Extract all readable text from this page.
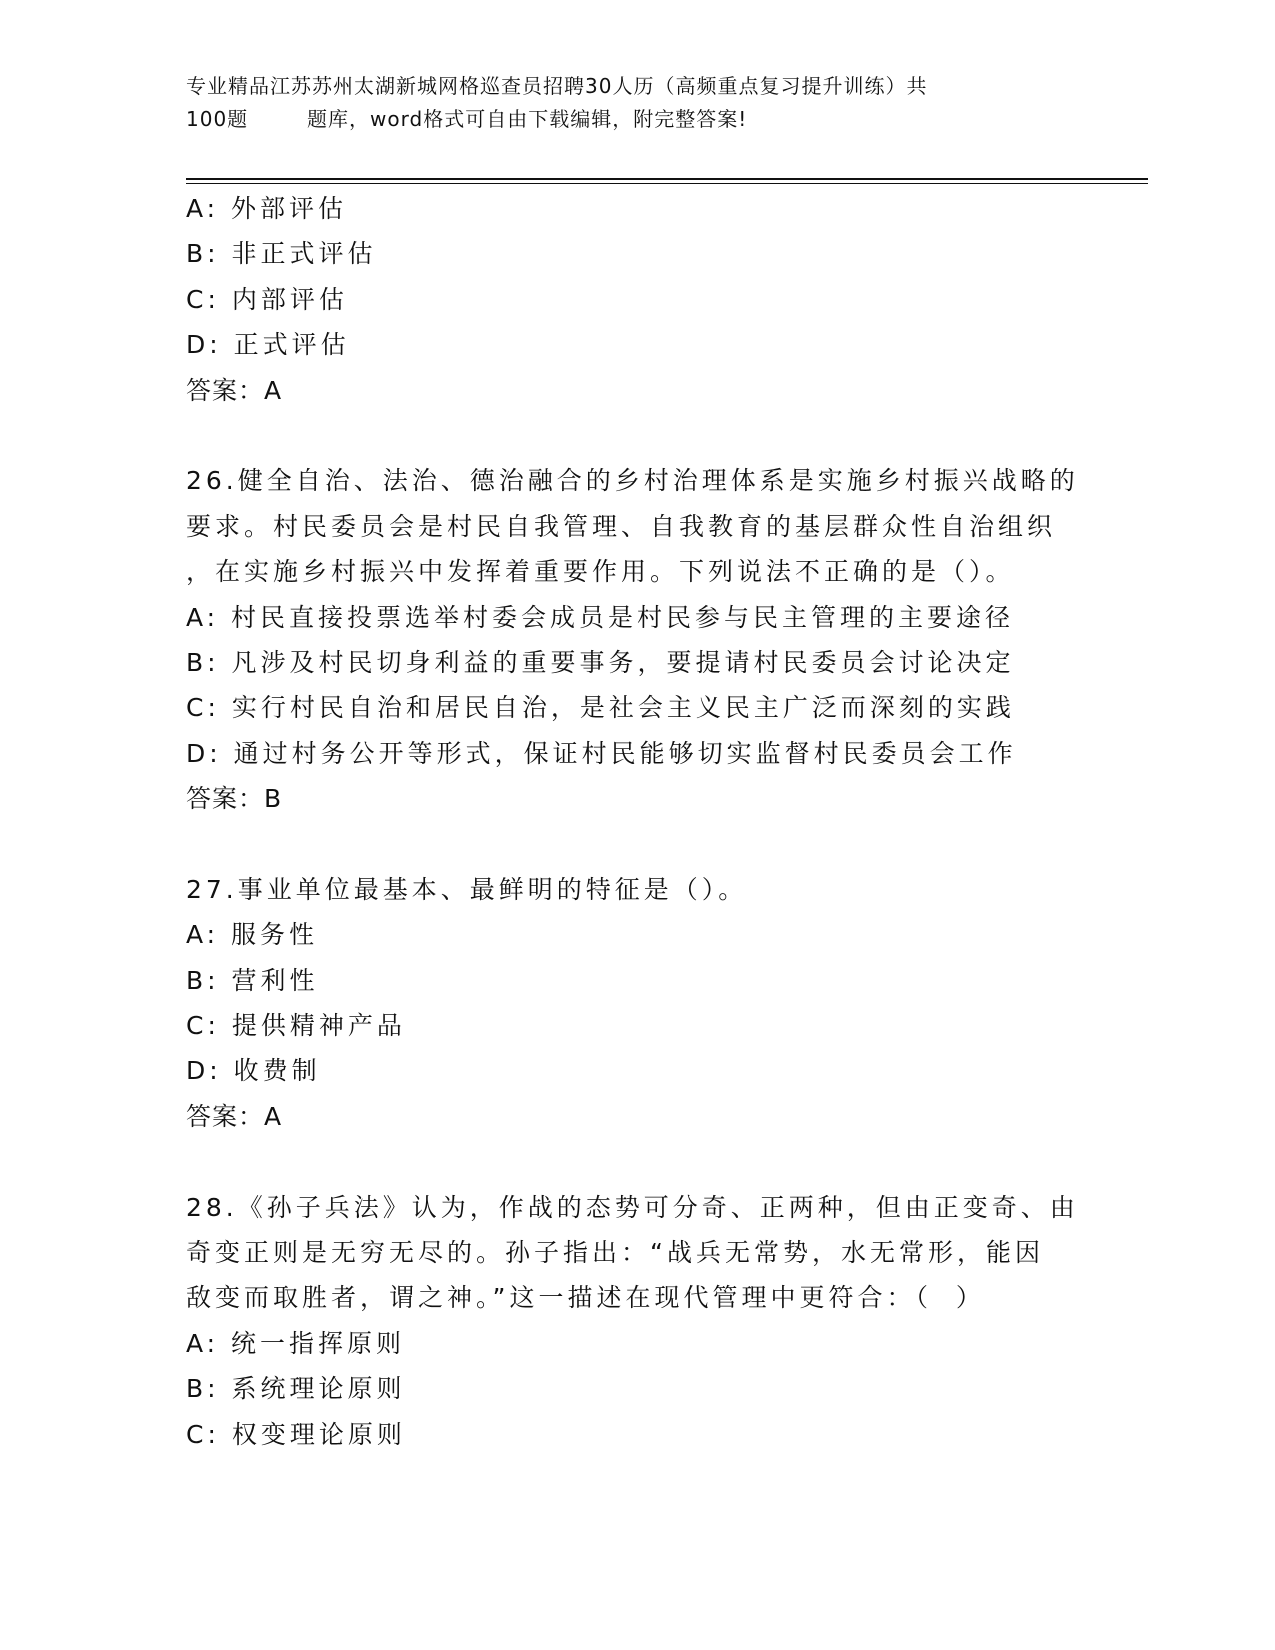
专业精品江苏苏州太湖新城网格巡查员招聘30人历（高频重点复习提升训练）共

100题        题库，word格式可自由下载编辑，附完整答案!
A: 外部评估
B: 非正式评估
C: 内部评估
D: 正式评估
答案：A
26.健全自治、法治、德治融合的乡村治理体系是实施乡村振兴战略的
要求。村民委员会是村民自我管理、自我教育的基层群众性自治组织
，在实施乡村振兴中发挥着重要作用。下列说法不正确的是（）。
A: 村民直接投票选举村委会成员是村民参与民主管理的主要途径
B: 凡涉及村民切身利益的重要事务，要提请村民委员会讨论决定
C: 实行村民自治和居民自治，是社会主义民主广泛而深刻的实践
D: 通过村务公开等形式，保证村民能够切实监督村民委员会工作
答案：B
27.事业单位最基本、最鲜明的特征是（）。
A: 服务性
B: 营利性
C: 提供精神产品
D: 收费制
答案：A
28.《孙子兵法》认为，作战的态势可分奇、正两种，但由正变奇、由
奇变正则是无穷无尽的。孙子指出：“战兵无常势，水无常形，能因
敌变而取胜者，谓之神。”这一描述在现代管理中更符合：（  ）
A: 统一指挥原则
B: 系统理论原则
C: 权变理论原则
